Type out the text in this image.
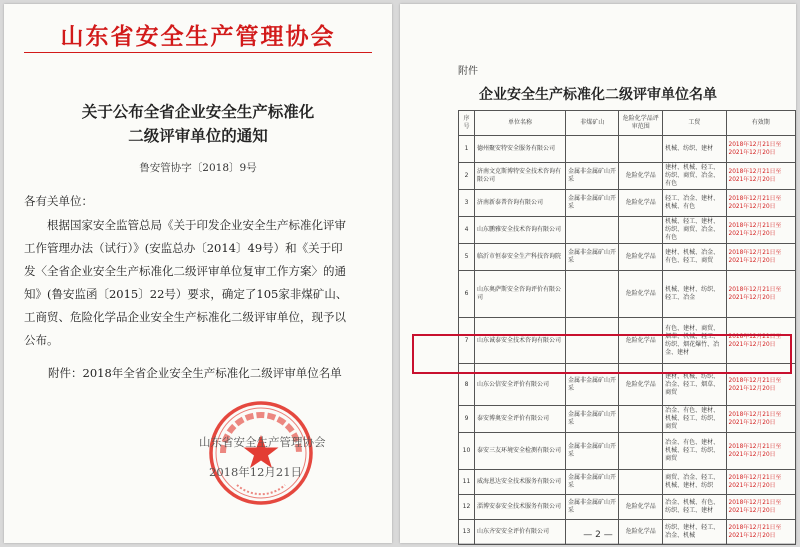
山东省安全生产管理协会
关于公布全省企业安全生产标准化
二级评审单位的通知
鲁安管协字〔2018〕9号
各有关单位：
根据国家安全监管总局《关于印发企业安全生产标准化评审
工作管理办法（试行）》(安监总办〔2014〕49号）和《关于印
发〈全省企业安全生产标准化二级评审单位复审工作方案〉的通
知》(鲁安监函〔2015〕22号）要求，确定了105家非煤矿山、
工商贸、危险化学品企业安全生产标准化二级评审单位，现予以
公布。
附件：2018年全省企业安全生产标准化二级评审单位名单
山东省安全生产管理协会
2018年12月21日
附件
企业安全生产标准化二级评审单位名单
序号	单位名称	非煤矿山	危险化学品评审范围	工贸	有效期
1	德州聚安特安全服务有限公司			机械、纺织、建材	2018年12月21日至2021年12月20日
2	济南文克斯博特安全技术咨询有限公司	金属非金属矿山开采	危险化学品	建材、机械、轻工、纺织、商贸、冶金、有色	2018年12月21日至2021年12月20日
3	济南新泰普咨询有限公司	金属非金属矿山开采	危险化学品	轻工、冶金、建材、机械、有色	2018年12月21日至2021年12月20日
4	山东鹏雅安全技术咨询有限公司			机械、轻工、建材、纺织、商贸、冶金、有色	2018年12月21日至2021年12月20日
5	临沂市恒泰安全生产科技咨询院	金属非金属矿山开采	危险化学品	建材、机械、冶金、有色、轻工、商贸	2018年12月21日至2021年12月20日
6	山东奥萨斯安全咨询评价有限公司		危险化学品	机械、建材、纺织、轻工、冶金	2018年12月21日至2021年12月20日
7	山东诚泰安全技术咨询有限公司		危险化学品	有色、建材、商贸、烟草、机械、轻工、纺织、烟花爆竹、冶金、建材	2018年12月21日至2021年12月20日
8	山东公信安全评价有限公司	金属非金属矿山开采	危险化学品	建材、机械、纺织、冶金、轻工、烟草、商贸	2018年12月21日至2021年12月20日
9	泰安博奥安全评价有限公司	金属非金属矿山开采		冶金、有色、建材、机械、轻工、纺织、商贸	2018年12月21日至2021年12月20日
10	泰安三友环境安全检测有限公司	金属非金属矿山开采		冶金、有色、建材、机械、轻工、纺织、商贸	2018年12月21日至2021年12月20日
11	威海恩达安全技术服务有限公司	金属非金属矿山开采		商贸、冶金、轻工、机械、建材、纺织	2018年12月21日至2021年12月20日
12	淄博安泰安全技术服务有限公司	金属非金属矿山开采	危险化学品	冶金、机械、有色、纺织、轻工、建材	2018年12月21日至2021年12月20日
13	山东齐安安全评价有限公司		危险化学品	纺织、建材、轻工、冶金、机械	2018年12月21日至2021年12月20日
— 2 —
